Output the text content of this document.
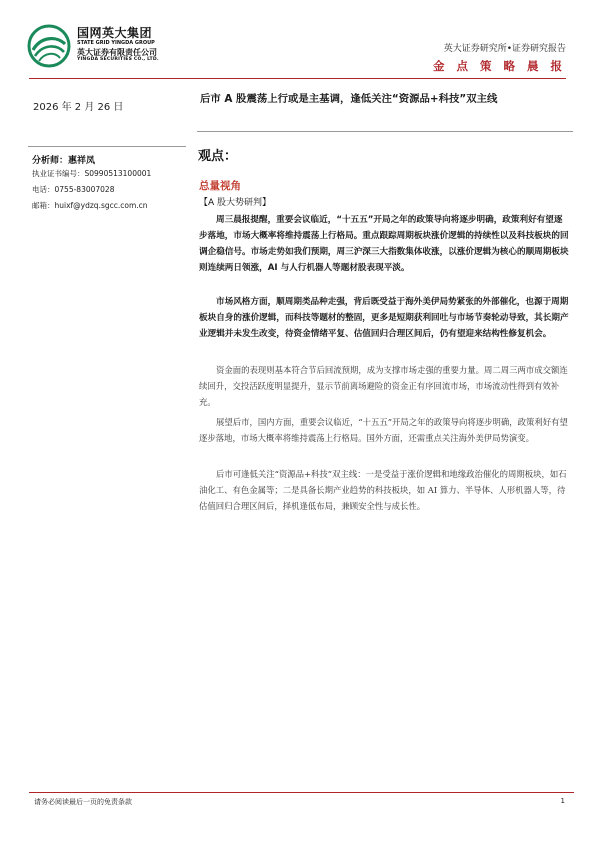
国网英大集团
STATE GRID YINGDA GROUP
英大证券有限责任公司
YINGDA SECURITIES CO., LTD.
英大证券研究所•证券研究报告
金 点 策 略 晨 报
2026 年 2 月 26 日
后市 A 股震荡上行或是主基调，逢低关注“资源品+科技”双主线
分析师：惠祥凤
执业证书编号：S0990513100001
电话：0755-83007028
邮箱：huixf@ydzq.sgcc.com.cn
观点：
总量视角
【A 股大势研判】

周三晨报提醒，重要会议临近，“十五五”开局之年的政策导向将逐步明确，政策利好有望逐步落地，市场大概率将维持震荡上行格局。重点跟踪周期板块涨价逻辑的持续性以及科技板块的回调企稳信号。市场走势如我们预期，周三沪深三大指数集体收涨，以涨价逻辑为核心的顺周期板块则连续两日领涨，AI 与人行机器人等题材股表现平淡。

市场风格方面，顺周期类品种走强，背后既受益于海外美伊局势紧张的外部催化，也源于周期板块自身的涨价逻辑，而科技等题材的整固，更多是短期获利回吐与市场节奏轮动导致，其长期产业逻辑并未发生改变，待资金情绪平复、估值回归合理区间后，仍有望迎来结构性修复机会。

资金面的表现则基本符合节后回流预期，成为支撑市场走强的重要力量。周二周三两市成交额连续回升，交投活跃度明显提升，显示节前离场避险的资金正有序回流市场，市场流动性得到有效补充。

展望后市，国内方面，重要会议临近，“十五五”开局之年的政策导向将逐步明确，政策利好有望逐步落地，市场大概率将维持震荡上行格局。国外方面，还需重点关注海外美伊局势演变。

后市可逢低关注“资源品+科技”双主线：一是受益于涨价逻辑和地缘政治催化的周期板块，如石油化工、有色金属等；二是具备长期产业趋势的科技板块，如 AI 算力、半导体、人形机器人等，待估值回归合理区间后，择机逢低布局，兼顾安全性与成长性。

请务必阅读最后一页的免责条款	1
